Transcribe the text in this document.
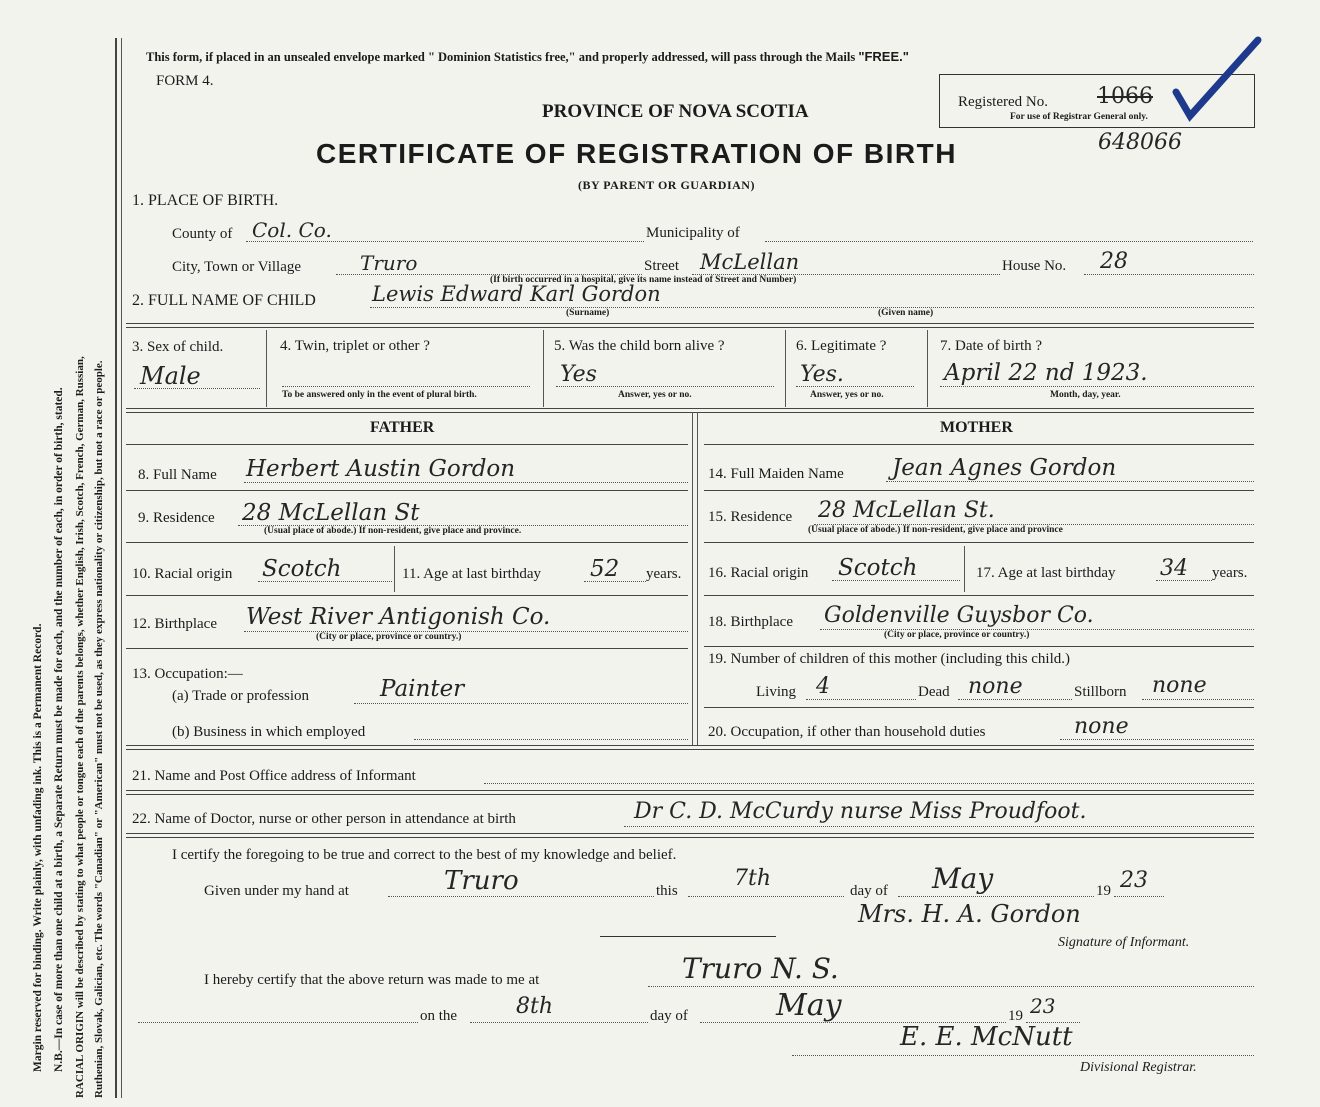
Margin reserved for binding. Write plainly, with unfading ink. This is a Permanent Record. N.B.—In case of more than one child at a birth, a Separate Return must be made for each, and the number of each, in order of birth, stated. RACIAL ORIGIN will be described by stating to what people or tongue each of the parents belongs, whether English, Irish, Scotch, French, German, Russian, Ruthenian, Slovak, Galician, etc. The words "Canadian" or "American" must not be used, as they express nationality or citizenship, but not a race or people.
This form, if placed in an unsealed envelope marked " Dominion Statistics free," and properly addressed, will pass through the Mails "FREE."
FORM 4.
PROVINCE OF NOVA SCOTIA
CERTIFICATE OF REGISTRATION OF BIRTH
(BY PARENT OR GUARDIAN)
Registered No. 1066
For use of Registrar General only.
648066
1. PLACE OF BIRTH.
County of Col. Co.	Municipality of
City, Town or Village	Truro	Street McLellan	House No. 28
(If birth occurred in a hospital, give its name instead of Street and Number)
2. FULL NAME OF CHILD	Lewis Edward Karl Gordon
(Surname)	(Given name)
3. Sex of child.
Male
4. Twin, triplet or other ?
To be answered only in the event of plural birth.
5. Was the child born alive ?
Yes
Answer, yes or no.
6. Legitimate ?
Yes.
Answer, yes or no.
7. Date of birth ?
April 22 nd 1923.
Month, day, year.
FATHER	MOTHER
8. Full Name Herbert Austin Gordon
9. Residence 28 McLellan St
(Usual place of abode.) If non-resident, give place and province.
10. Racial origin Scotch	11. Age at last birthday 52 years.
12. Birthplace West River Antigonish Co.
(City or place, province or country.)
13. Occupation:—
(a) Trade or profession	Painter
(b) Business in which employed
14. Full Maiden Name Jean Agnes Gordon
15. Residence 28 McLellan St.
(Usual place of abode.) If non-resident, give place and province
16. Racial origin Scotch	17. Age at last birthday 34 years.
18. Birthplace Goldenville Guysbor Co.
(City or place, province or country.)
19. Number of children of this mother (including this child.)
Living 4	Dead none	Stillborn none
20. Occupation, if other than household duties	none
21. Name and Post Office address of Informant
22. Name of Doctor, nurse or other person in attendance at birth	Dr C. D. McCurdy nurse Miss Proudfoot.
I certify the foregoing to be true and correct to the best of my knowledge and belief.
Given under my hand at	Truro	this	7th	day of May	19 23
Mrs. H. A. Gordon
Signature of Informant.
I hereby certify that the above return was made to me at	Truro N. S.
on the	8th	day of	May	19 23
E. E. McNutt
Divisional Registrar.
